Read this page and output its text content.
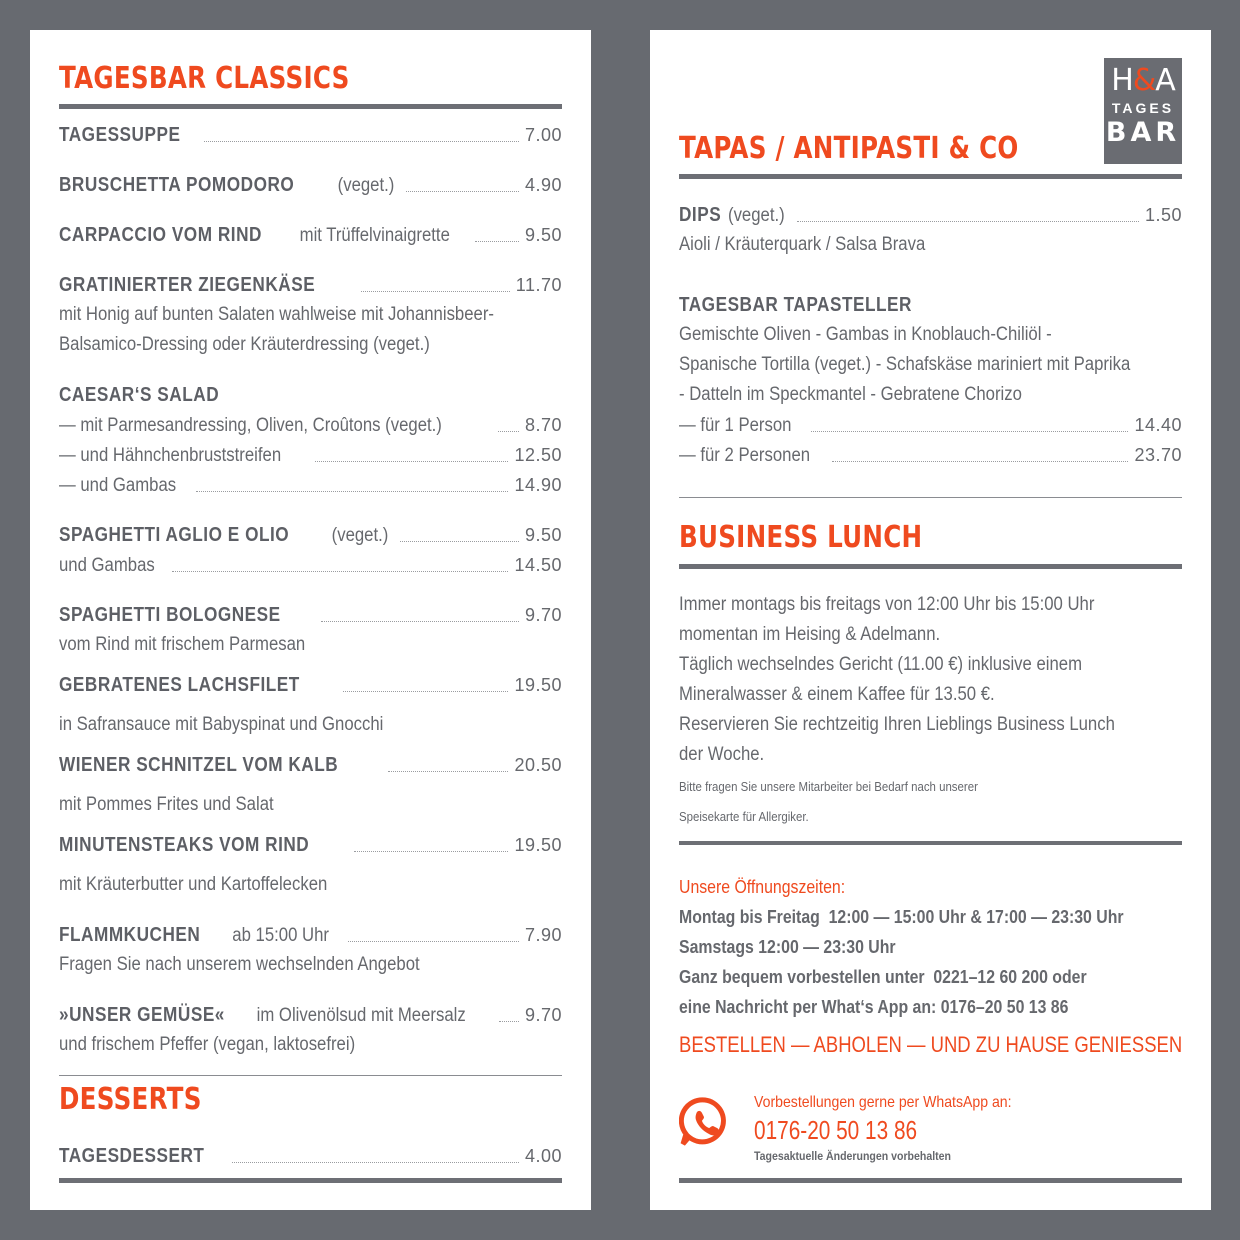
TAGESBAR CLASSICS
TAGESSUPPE	7.00
BRUSCHETTA POMODORO (veget.)	4.90
CARPACCIO VOM RIND mit Trüffelvinaigrette	9.50
GRATINIERTER ZIEGENKÄSE	11.70
mit Honig auf bunten Salaten wahlweise mit Johannisbeer-
Balsamico-Dressing oder Kräuterdressing (veget.)
CAESAR‘S SALAD
— mit Parmesandressing, Oliven, Croûtons (veget.)	8.70
— und Hähnchenbruststreifen	12.50
— und Gambas	14.90
SPAGHETTI AGLIO E OLIO (veget.)	9.50
und Gambas	14.50
SPAGHETTI BOLOGNESE	9.70
vom Rind mit frischem Parmesan
GEBRATENES LACHSFILET	19.50
in Safransauce mit Babyspinat und Gnocchi
WIENER SCHNITZEL VOM KALB	20.50
mit Pommes Frites und Salat
MINUTENSTEAKS VOM RIND	19.50
mit Kräuterbutter und Kartoffelecken
FLAMMKUCHEN ab 15:00 Uhr	7.90
Fragen Sie nach unserem wechselnden Angebot
»UNSER GEMÜSE« im Olivenölsud mit Meersalz	9.70
und frischem Pfeffer (vegan, laktosefrei)
DESSERTS
TAGESDESSERT	4.00
H&A
TAGES
BAR
TAPAS / ANTIPASTI & CO
DIPS (veget.)	1.50
Aioli / Kräuterquark / Salsa Brava
TAGESBAR TAPASTELLER
Gemischte Oliven - Gambas in Knoblauch-Chiliöl -
Spanische Tortilla (veget.) - Schafskäse mariniert mit Paprika
- Datteln im Speckmantel - Gebratene Chorizo
— für 1 Person	14.40
— für 2 Personen	23.70
BUSINESS LUNCH
Immer montags bis freitags von 12:00 Uhr bis 15:00 Uhr
momentan im Heising & Adelmann.
Täglich wechselndes Gericht (11.00 €) inklusive einem
Mineralwasser & einem Kaffee für 13.50 €.
Reservieren Sie rechtzeitig Ihren Lieblings Business Lunch
der Woche.
Bitte fragen Sie unsere Mitarbeiter bei Bedarf nach unserer
Speisekarte für Allergiker.
Unsere Öffnungszeiten:
Montag bis Freitag  12:00 — 15:00 Uhr & 17:00 — 23:30 Uhr
Samstags 12:00 — 23:30 Uhr
Ganz bequem vorbestellen unter  0221–12 60 200 oder
eine Nachricht per What‘s App an: 0176–20 50 13 86
BESTELLEN — ABHOLEN — UND ZU HAUSE GENIESSEN
Vorbestellungen gerne per WhatsApp an:
0176-20 50 13 86
Tagesaktuelle Änderungen vorbehalten
